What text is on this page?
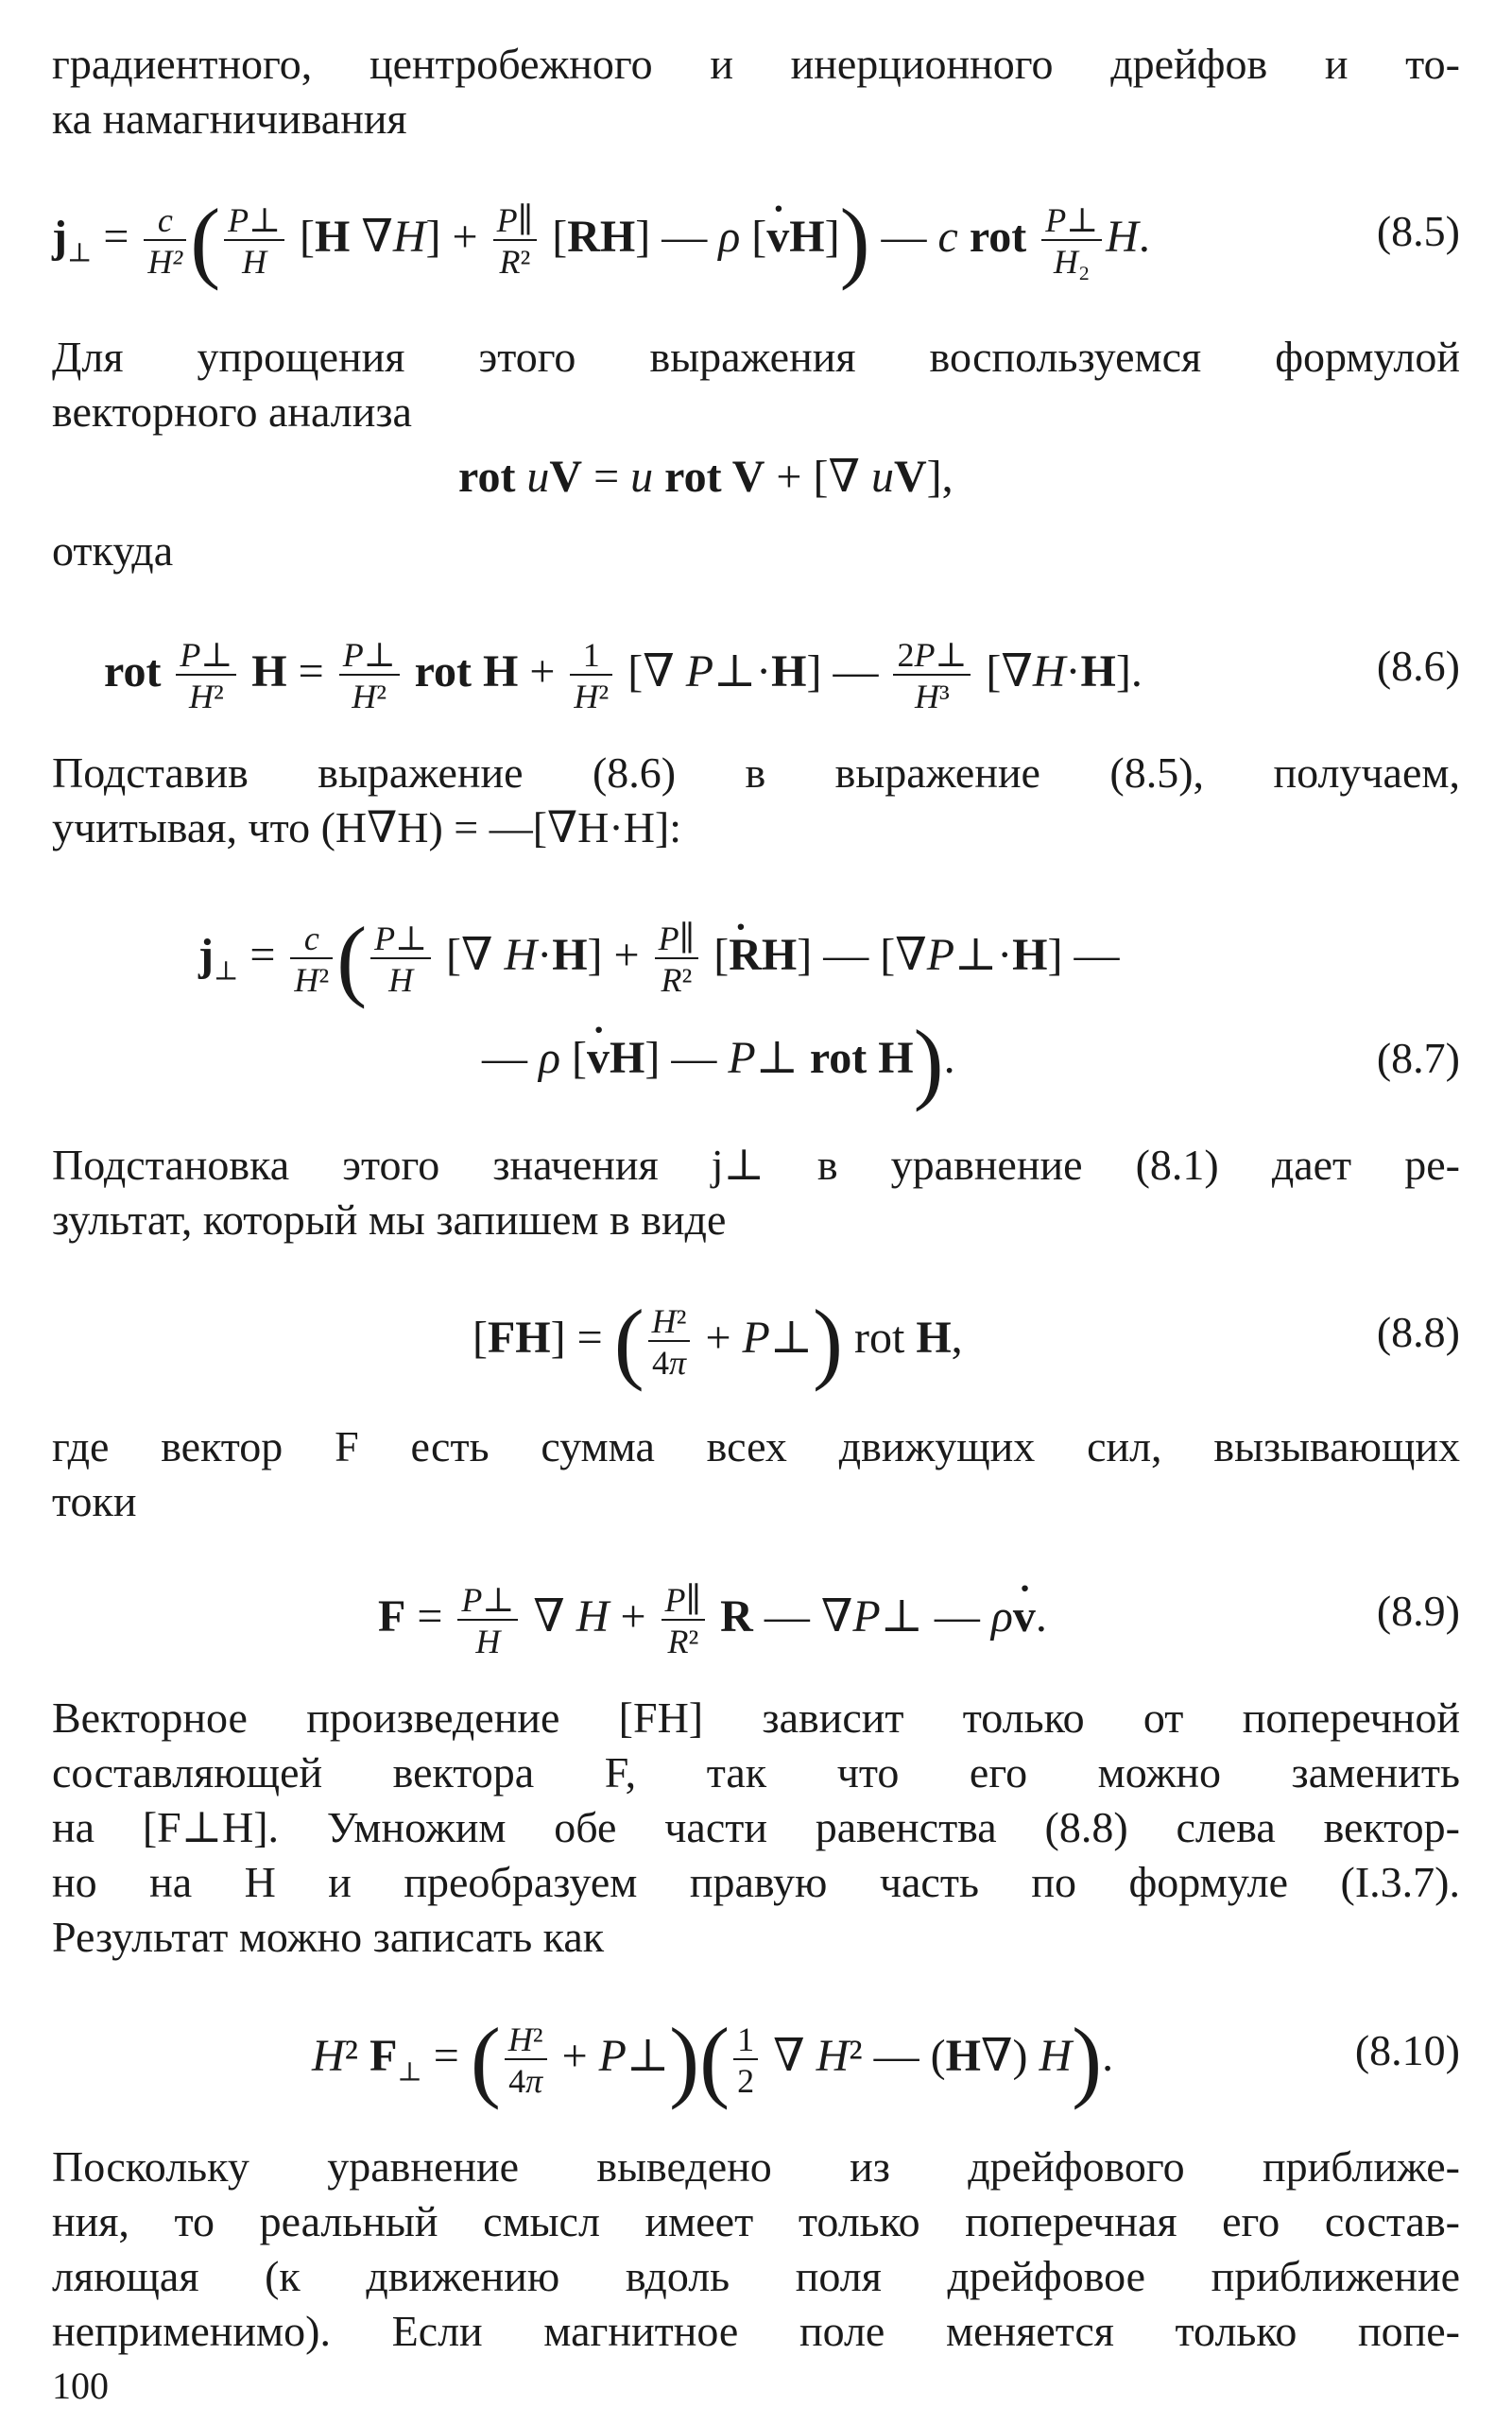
градиентного, центробежного и инерционного дрейфов и то-
ка намагничивания
$j_\perp = \frac{c}{\text{H²}}$ ( $\frac{P\perp}{H} [H$ $\nabla H] + \frac{P\parallel}{\text{R²}} [RH]$ — ρ [· vH]) — c rot $\frac{P\perp}{\text{H₂}} H$.	(8.5)
Для упрощения этого выражения воспользуемся формулой
векторного анализа
rot uV = u rot V + [∇ uV],
откуда
rot $\frac{P\perp}{\text{H²}}$ $H = \frac{P\perp}{\text{H²}}$ rot $H + \frac{1}{\text{H²}}$ [∇ P⊥·H] — $\frac{2P\perp}{\text{H³}} [\nabla H\cdot H]$.	(8.6)
Подставив выражение (8.6) в выражение (8.5), получаем,
учитывая, что (H∇H) = —[∇H·H]:
$j_\perp = \frac{c}{\text{H²}}$ ( $\frac{P\perp}{H}$ [∇ $H\cdot H] + \frac{P\parallel}{\text{R²}}$ [· RH] — [∇P⊥·H] —
— ρ [· vH] — P⊥ rot H).	(8.7)
Подстановка этого значения j⊥ в уравнение (8.1) дает ре-
зультат, который мы запишем в виде
[FH] = ( $\frac{\text{H²}}{4\pi}$ + P⊥) rot H,	(8.8)
где вектор F есть сумма всех движущих сил, вызывающих
токи
$F = \frac{P\perp}{H}$ ∇ $H + \frac{P\parallel}{\text{R²}}$ R — ∇P⊥ — ρ· v.	(8.9)
Векторное произведение [FH] зависит только от поперечной
составляющей вектора F, так что его можно заменить
на [F⊥H]. Умножим обе части равенства (8.8) слева вектор-
но на H и преобразуем правую часть по формуле (I.3.7).
Результат можно записать как
H² $F_\perp$ = ( $\frac{\text{H²}}{4\pi}$ + P⊥)( $\frac{1}{2}$ ∇ H² — (H∇) H).	(8.10)
Поскольку уравнение выведено из дрейфового приближе-
ния, то реальный смысл имеет только поперечная его состав-
ляющая (к движению вдоль поля дрейфовое приближение
неприменимо). Если магнитное поле меняется только попе-
100
